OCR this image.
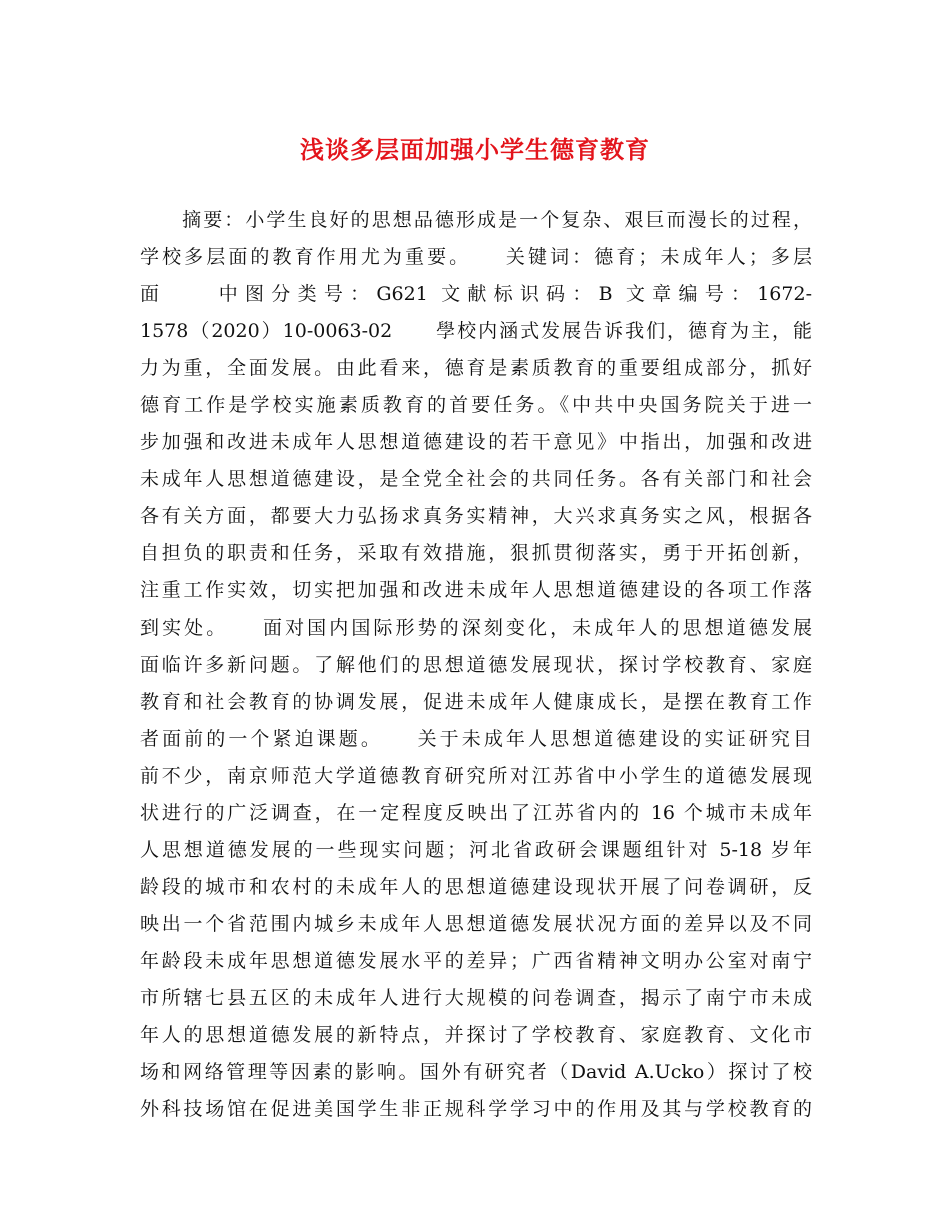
浅谈多层面加强小学生德育教育
　　摘要：小学生良好的思想品德形成是一个复杂、艰巨而漫长的过程，
学校多层面的教育作用尤为重要。　　关键词：德育；未成年人；多层
面　　中图分类号：G621 文献标识码：B 文章编号：1672-
1578（2020）10-0063-02　　學校内涵式发展告诉我们，德育为主，能
力为重，全面发展。由此看来，德育是素质教育的重要组成部分，抓好
德育工作是学校实施素质教育的首要任务。《中共中央国务院关于进一
步加强和改进未成年人思想道德建设的若干意见》中指出，加强和改进
未成年人思想道德建设，是全党全社会的共同任务。各有关部门和社会
各有关方面，都要大力弘扬求真务实精神，大兴求真务实之风，根据各
自担负的职责和任务，采取有效措施，狠抓贯彻落实，勇于开拓创新，
注重工作实效，切实把加强和改进未成年人思想道德建设的各项工作落
到实处。　　面对国内国际形势的深刻变化，未成年人的思想道德发展
面临许多新问题。了解他们的思想道德发展现状，探讨学校教育、家庭
教育和社会教育的协调发展，促进未成年人健康成长，是摆在教育工作
者面前的一个紧迫课题。　　关于未成年人思想道德建设的实证研究目
前不少，南京师范大学道德教育研究所对江苏省中小学生的道德发展现
状进行的广泛调查，在一定程度反映出了江苏省内的 16 个城市未成年
人思想道德发展的一些现实问题；河北省政研会课题组针对 5-18 岁年
龄段的城市和农村的未成年人的思想道德建设现状开展了问卷调研，反
映出一个省范围内城乡未成年人思想道德发展状况方面的差异以及不同
年龄段未成年思想道德发展水平的差异；广西省精神文明办公室对南宁
市所辖七县五区的未成年人进行大规模的问卷调查，揭示了南宁市未成
年人的思想道德发展的新特点，并探讨了学校教育、家庭教育、文化市
场和网络管理等因素的影响。国外有研究者（David A.Ucko）探讨了校
外科技场馆在促进美国学生非正规科学学习中的作用及其与学校教育的
